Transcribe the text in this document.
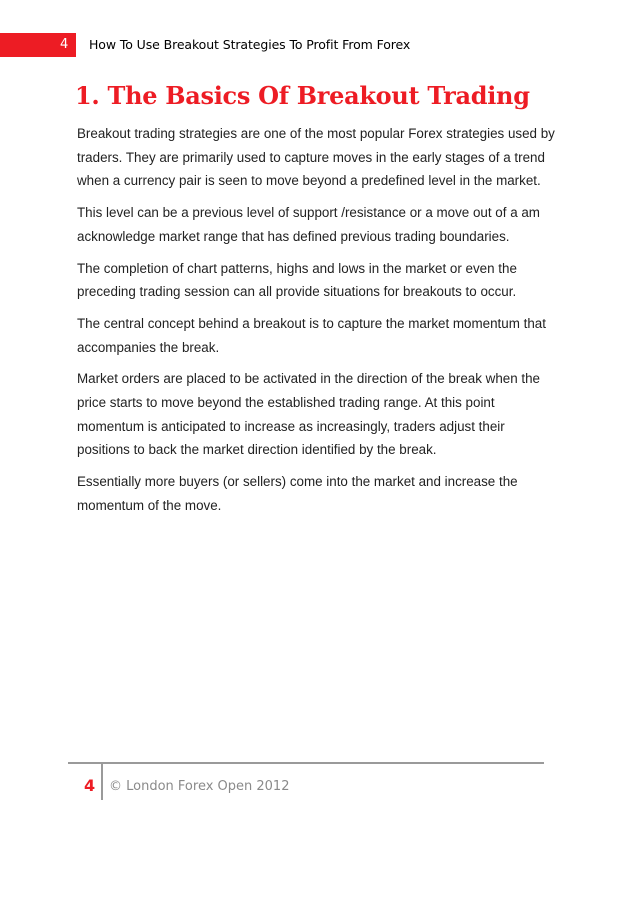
4 How To Use Breakout Strategies To Profit From Forex
1. The Basics Of Breakout Trading

Breakout trading strategies are one of the most popular Forex strategies used by traders. They are primarily used to capture moves in the early stages of a trend when a currency pair is seen to move beyond a predefined level in the market.

This level can be a previous level of support /resistance or a move out of a am acknowledge market range that has defined previous trading boundaries.

The completion of chart patterns, highs and lows in the market or even the preceding trading session can all provide situations for breakouts to occur.

The central concept behind a breakout is to capture the market momentum that accompanies the break.

Market orders are placed to be activated in the direction of the break when the price starts to move beyond the established trading range. At this point momentum is anticipated to increase as increasingly, traders adjust their positions to back the market direction identified by the break.

Essentially more buyers (or sellers) come into the market and increase the momentum of the move.

4 © London Forex Open 2012
